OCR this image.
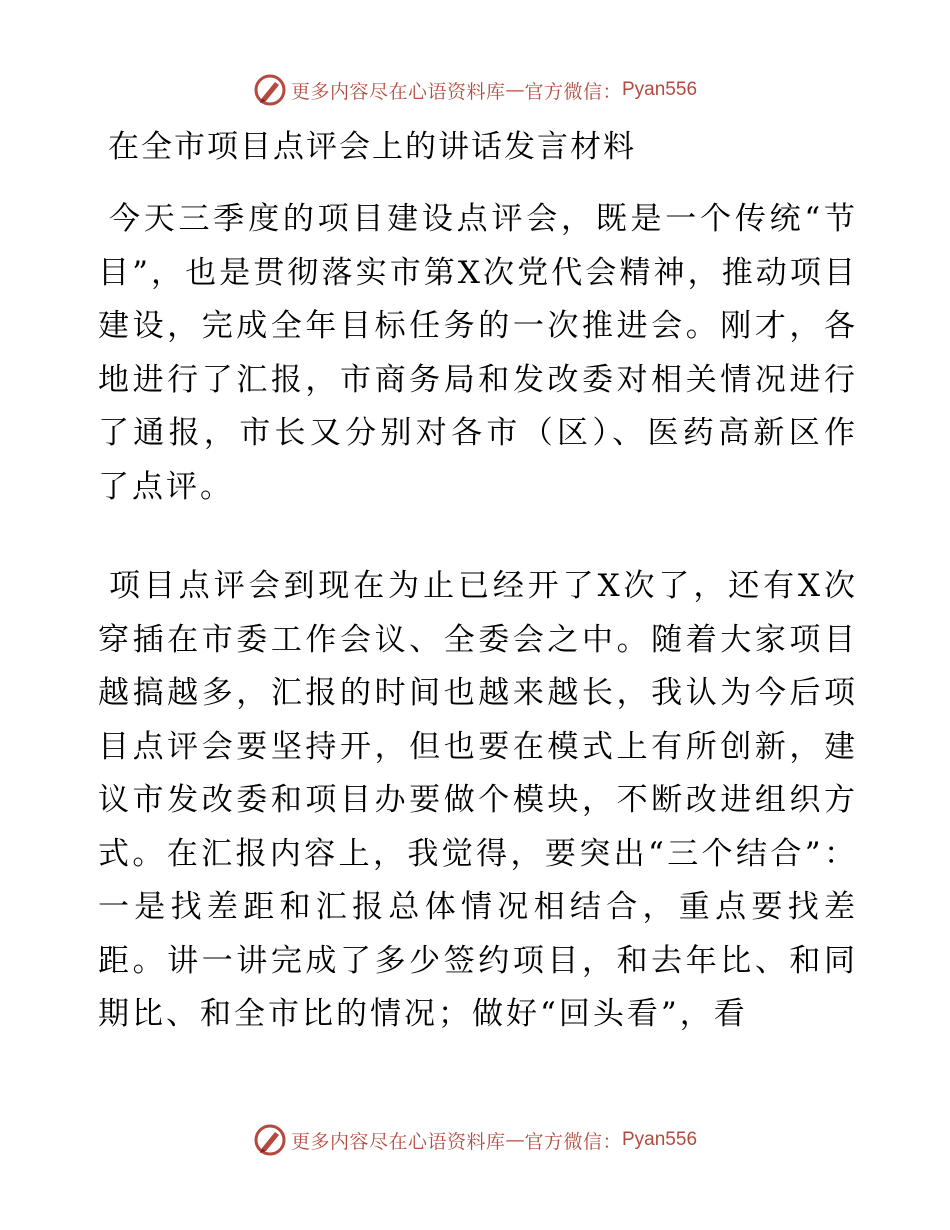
更多内容尽在心语资料库 — 官方微信： Pyan556
在全市项目点评会上的讲话发言材料

今天三季度的项目建设点评会，既是一个传统“节目”，也是贯彻落实市第X次党代会精神，推动项目建设，完成全年目标任务的一次推进会。刚才，各地进行了汇报，市商务局和发改委对相关情况进行了通报，市长又分别对各市（区）、医药高新区作了点评。

项目点评会到现在为止已经开了X次了，还有X次穿插在市委工作会议、全委会之中。随着大家项目越搞越多，汇报的时间也越来越长，我认为今后项目点评会要坚持开，但也要在模式上有所创新，建议市发改委和项目办要做个模块，不断改进组织方式。在汇报内容上，我觉得，要突出“三个结合”：一是找差距和汇报总体情况相结合，重点要找差距。讲一讲完成了多少签约项目，和去年比、和同期比、和全市比的情况；做好“回头看”，看

更多内容尽在心语资料库 — 官方微信： Pyan556
